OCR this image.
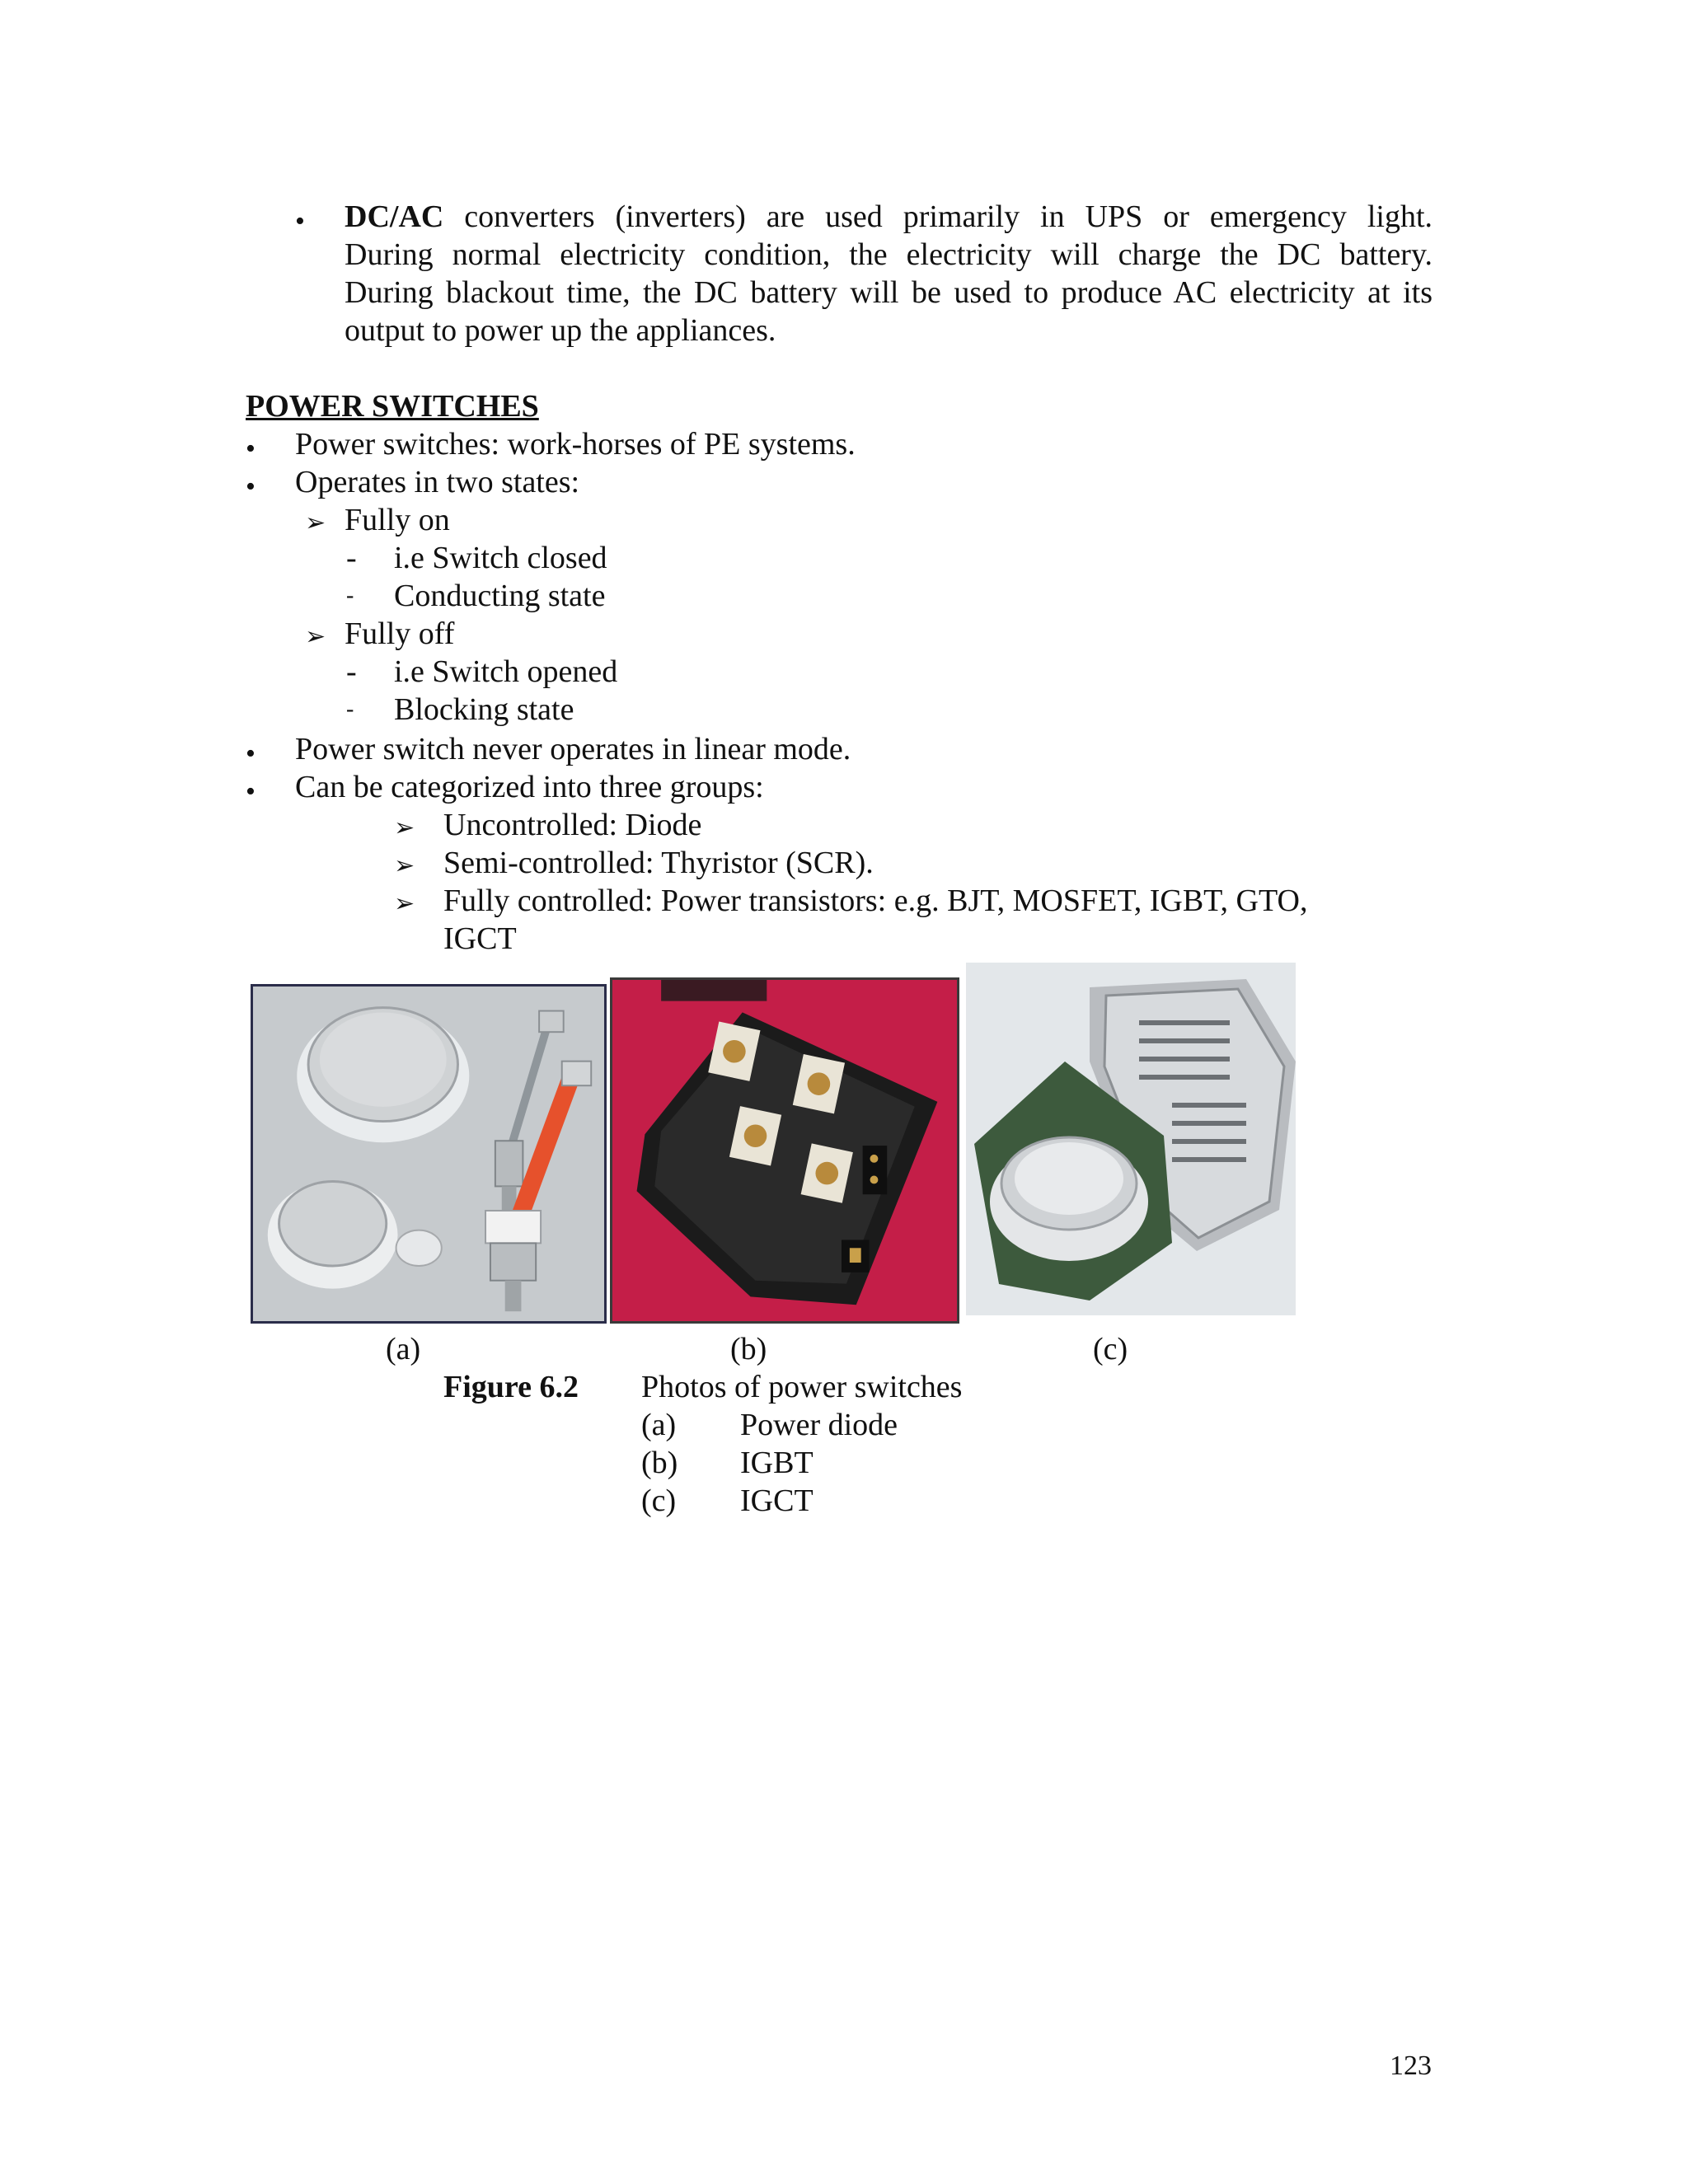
• DC/AC converters (inverters) are used primarily in UPS or emergency light.
During normal electricity condition, the electricity will charge the DC battery.
During blackout time, the DC battery will be used to produce AC electricity at its
output to power up the appliances.
POWER SWITCHES
• Power switches: work-horses of PE systems.
• Operates in two states:
➢ Fully on
- i.e Switch closed
- Conducting state
➢ Fully off
- i.e Switch opened
- Blocking state
• Power switch never operates in linear mode.
• Can be categorized into three groups:
➢ Uncontrolled: Diode
➢ Semi-controlled: Thyristor (SCR).
➢ Fully controlled: Power transistors: e.g. BJT, MOSFET, IGBT, GTO,
IGCT
(a)	(b)	(c)
Figure 6.2 Photos of power switches
(a) Power diode
(b) IGBT
(c) IGCT
123
